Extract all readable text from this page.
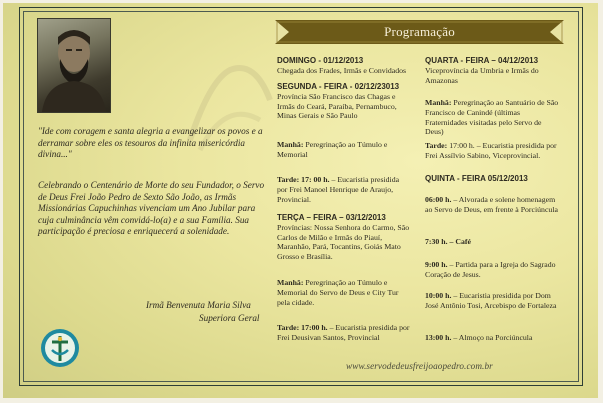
"Ide com coragem e santa alegria a evangelizar os povos e a derramar sobre eles os tesouros da infinita misericórdia divina..."

Celebrando o Centenário de Morte do seu Fundador, o Servo de Deus Frei João Pedro de Sexto São João, as Irmãs Missionárias Capuchinhas vivenciam um Ano Jubilar para cuja culminância vêm convidá-lo(a) e a sua Família. Sua participação é preciosa e enriquecerá a solenidade.

Irmã Benvenuta Maria Silva

Superiora Geral

Programação
DOMINGO - 01/12/2013
Chegada dos Frades, Irmãs e Convidados
SEGUNDA - FEIRA - 02/12/23013
Província São Francisco das Chagas e Irmãs do Ceará, Paraíba, Pernambuco, Minas Gerais e São Paulo
Manhã: Peregrinação ao Túmulo e Memorial
Tarde: 17: 00 h. – Eucaristia presidida por Frei Manoel Henrique de Araujo, Provincial.
TERÇA – FEIRA – 03/12/2013
Províncias: Nossa Senhora do Carmo, São Carlos de Milão e Irmãs do Piauí, Maranhão, Pará, Tocantins, Goiás Mato Grosso e Brasília.
Manhã: Peregrinação ao Túmulo e Memorial do Servo de Deus e City Tur pela cidade.
Tarde: 17:00 h. – Eucaristia presidida por Frei Deusivan Santos, Provincial
QUARTA - FEIRA – 04/12/2013
Viceprovíncia da Umbria e Irmãs do Amazonas
Manhã: Peregrinação ao Santuário de São Francisco de Canindé (últimas Fraternidades visitadas pelo Servo de Deus)
Tarde: 17:00 h. – Eucaristia presidida por Frei Assílvio Sabino, Viceprovincial.
QUINTA - FEIRA 05/12/2013
06:00 h. – Alvorada e solene homenagem ao Servo de Deus, em frente à Porciúncula
7:30 h. – Café
9:00 h. – Partida para a Igreja do Sagrado Coração de Jesus.
10:00 h. – Eucaristia presidida por Dom José Antônio Tosi, Arcebispo de Fortaleza
13:00 h. – Almoço na Porciúncula
www.servodedeusfreijoaopedro.com.br
